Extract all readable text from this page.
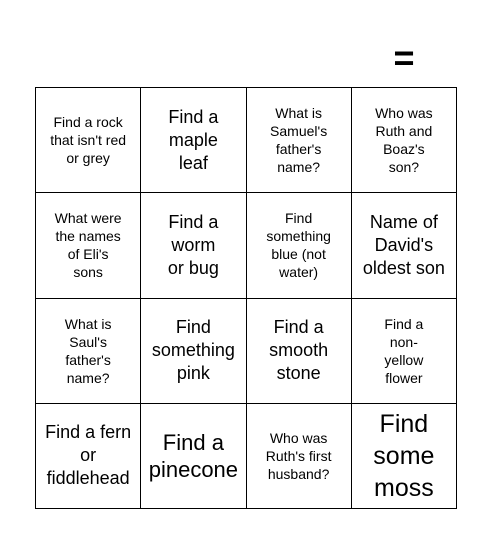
=
Find a rock that isn't red or grey
Find a maple leaf
What is Samuel's father's name?
Who was Ruth and Boaz's son?
What were the names of Eli's sons
Find a worm or bug
Find something blue (not water)
Name of David's oldest son
What is Saul's father's name?
Find something pink
Find a smooth stone
Find a non-yellow flower
Find a fern or fiddlehead
Find a pinecone
Who was Ruth's first husband?
Find some moss
